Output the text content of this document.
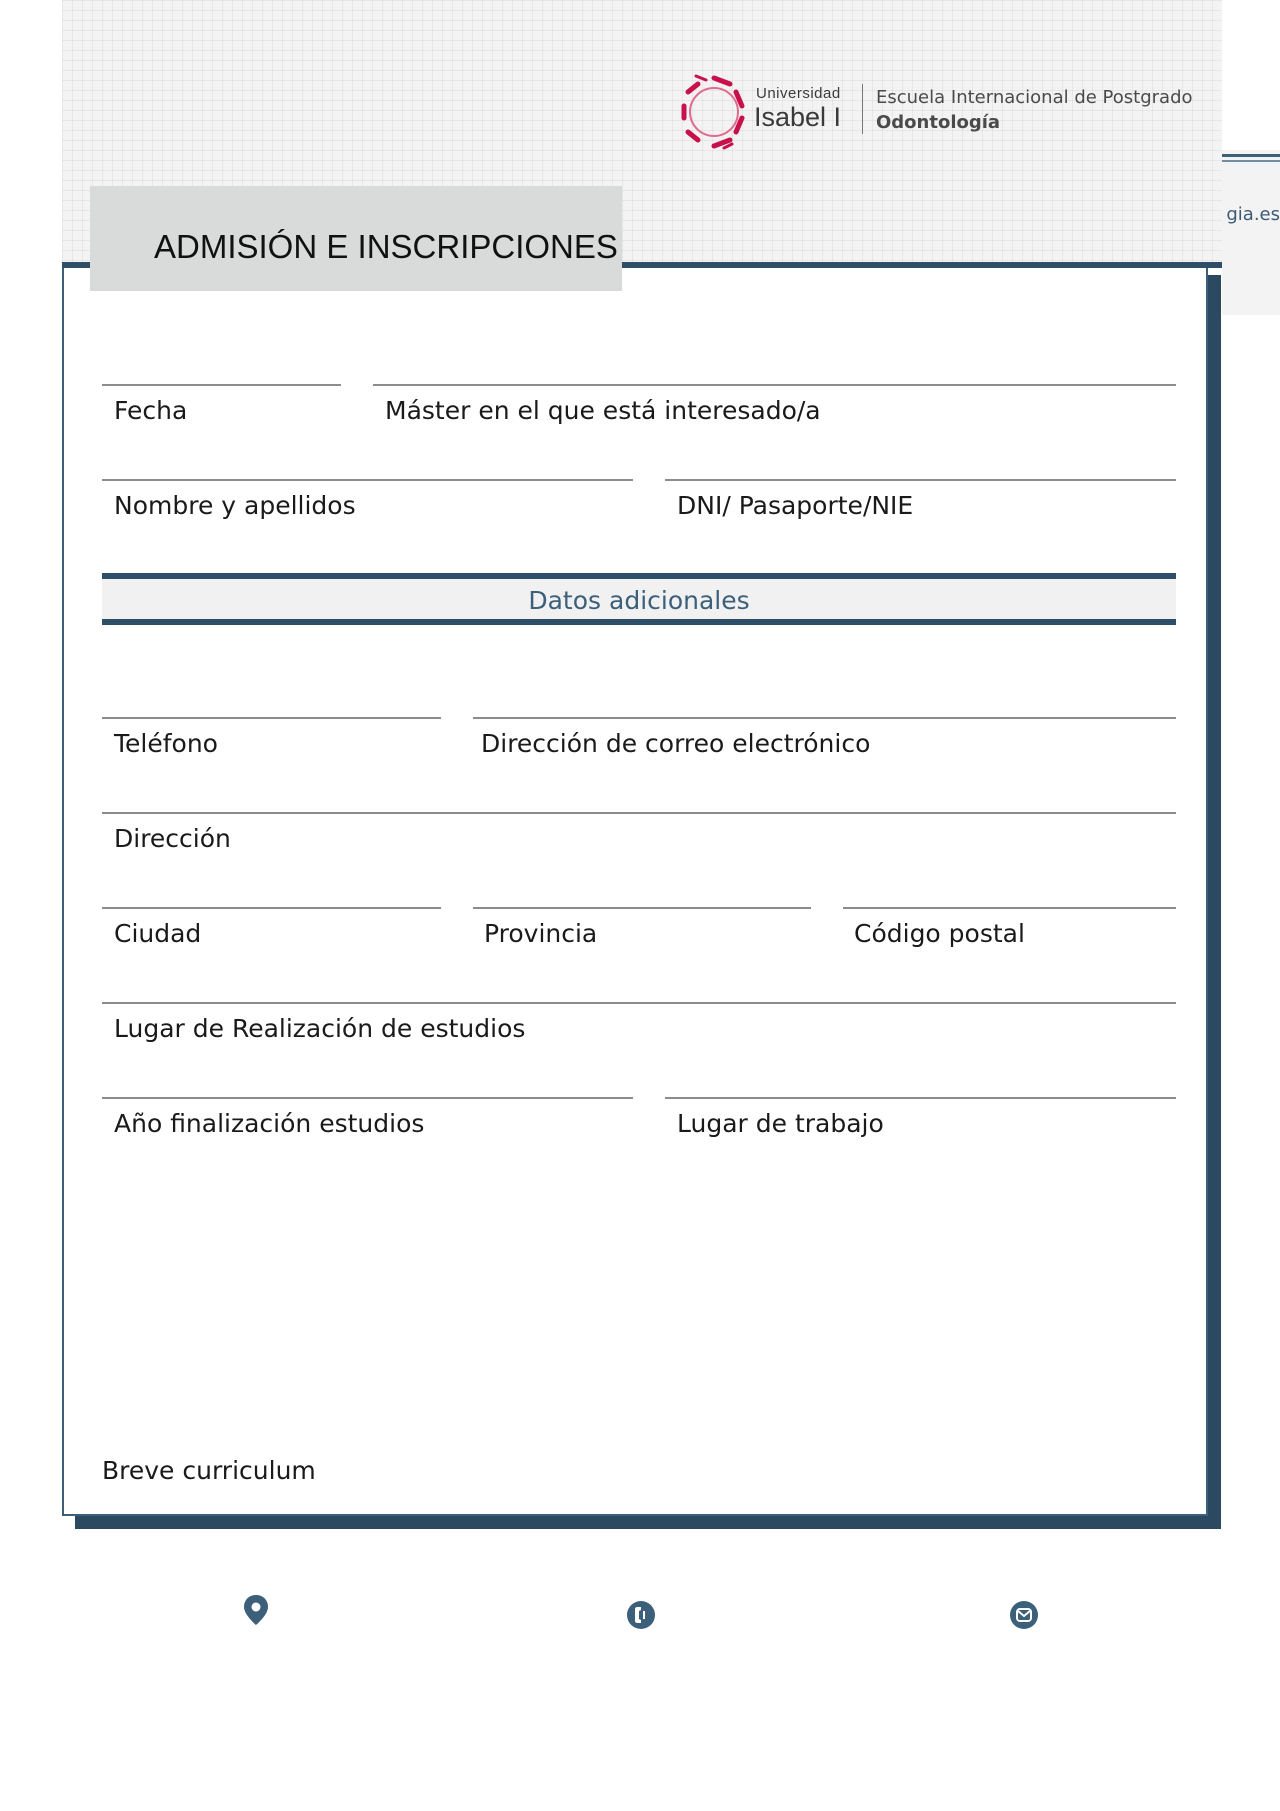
gia.es
Universidad
Isabel I
Escuela Internacional de Postgrado
Odontología
ADMISIÓN E INSCRIPCIONES
Fecha	Máster en el que está interesado/a
Nombre y apellidos	DNI/ Pasaporte/NIE
Datos adicionales
Teléfono	Dirección de correo electrónico
Dirección
Ciudad	Provincia	Código postal
Lugar de Realización de estudios
Año finalización estudios	Lugar de trabajo
Breve curriculum
